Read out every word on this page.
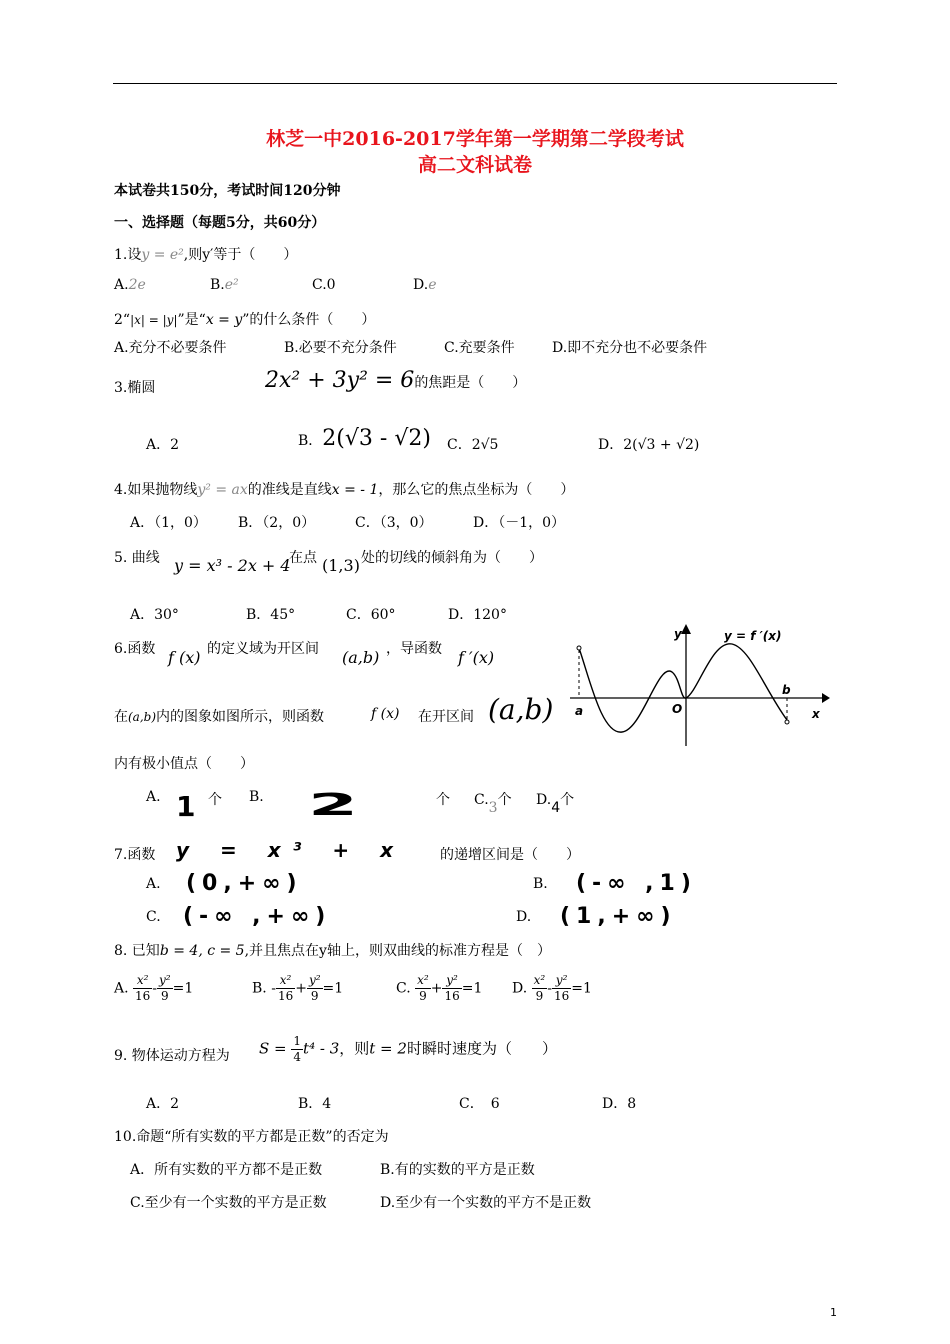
林芝一中2016-2017学年第一学期第二学段考试
高二文科试卷
本试卷共150分，考试时间120分钟
一、选择题（每题5分，共60分）
1.设y = e²,则y′等于（　　）
A.2e	B.e²	C.0	D.e
2“|x| = |y|”是“x = y”的什么条件（　　）
A.充分不必要条件	B.必要不充分条件	C.充要条件	D.即不充分也不必要条件
3.椭圆	2x² + 3y² = 6的焦距是（　　）
A．2	B．2(√3 - √2) C．2√5	D．2(√3 + √2)
4.如果抛物线y² = ax的准线是直线x = - 1，那么它的焦点坐标为（　　）
A．（1，0） B．（2，0）	C．（3，0）	D．（－1，0）
5. 曲线 y = x³ - 2x + 4
在点 (1,3) 处的切线的倾斜角为（　　）
A．30°	B．45°	C．60°	D．120°
6.函数 f (x) 的定义域为开区间 (a,b) ，导函数 f ′(x)
在(a,b)内的图象如图所示，则函数	f (x) 在开区间 (a,b)
内有极小值点（　　）
A. 1 个 B. 2	个 C.3个 D.4个
y	y = f ′(x)
b
a	O	x
7.函数 y = x³ + x	的递增区间是（　　）
A. (0,+∞)	B. (-∞ ,1)
C. (-∞ ,+∞)	D. (1,+∞)
8. 已知b = 4, c = 5,并且焦点在y轴上，则双曲线的标准方程是（　）
A. $\frac{\text{x²}}{16} - \frac{\text{y²}}{9} =1$	B. - $\frac{\text{x²}}{16} + \frac{\text{y²}}{9} =1$	C. $\frac{\text{x²}}{9} + \frac{\text{y²}}{16} =1$ D. $\frac{\text{x²}}{9} - \frac{\text{y²}}{16} =1$
9. 物体运动方程为 $S = \frac{1}{4} t^4 - 3$，则t = 2时瞬时速度为（　　）
A．2	B．4	C．　6	D．8
10.命题“所有实数的平方都是正数”的否定为
A．所有实数的平方都不是正数	B.有的实数的平方是正数
C.至少有一个实数的平方是正数	D.至少有一个实数的平方不是正数
1
